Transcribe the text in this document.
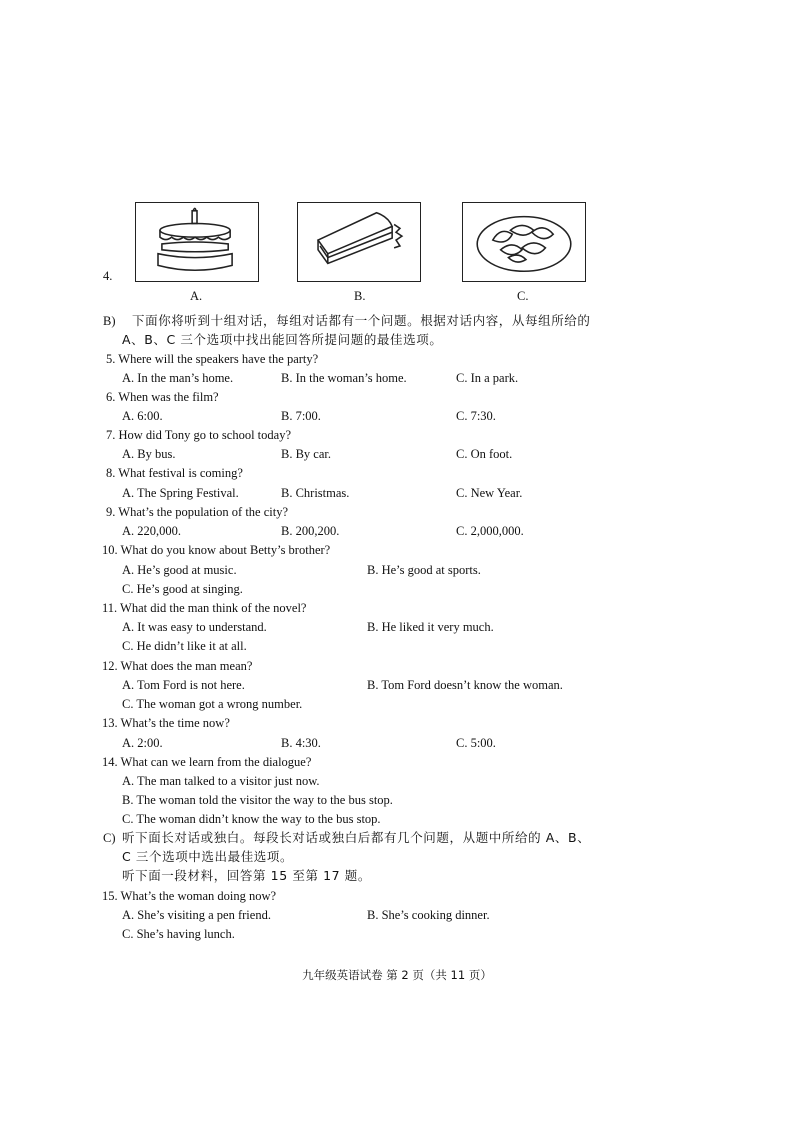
4.
A.	B.	C.
B) 下面你将听到十组对话，每组对话都有一个问题。根据对话内容，从每组所给的
A、B、C 三个选项中找出能回答所提问题的最佳选项。
5. Where will the speakers have the party?
A. In the man’s home.	B. In the woman’s home.	C. In a park.
6. When was the film?
A. 6:00.	B. 7:00.	C. 7:30.
7. How did Tony go to school today?
A. By bus.	B. By car.	C. On foot.
8. What festival is coming?
A. The Spring Festival.	B. Christmas.	C. New Year.
9. What’s the population of the city?
A. 220,000.	B. 200,200.	C. 2,000,000.
10. What do you know about Betty’s brother?
A. He’s good at music.	B. He’s good at sports.
C. He’s good at singing.
11. What did the man think of the novel?
A. It was easy to understand.	B. He liked it very much.
C. He didn’t like it at all.
12. What does the man mean?
A. Tom Ford is not here.	B. Tom Ford doesn’t know the woman.
C. The woman got a wrong number.
13. What’s the time now?
A. 2:00.	B. 4:30.	C. 5:00.
14. What can we learn from the dialogue?
A. The man talked to a visitor just now.
B. The woman told the visitor the way to the bus stop.
C. The woman didn’t know the way to the bus stop.
C) 听下面长对话或独白。每段长对话或独白后都有几个问题，从题中所给的 A、B、
C 三个选项中选出最佳选项。
听下面一段材料，回答第 15 至第 17 题。
15. What’s the woman doing now?
A. She’s visiting a pen friend.	B. She’s cooking dinner.
C. She’s having lunch.
九年级英语试卷 第 2 页（共 11 页）
